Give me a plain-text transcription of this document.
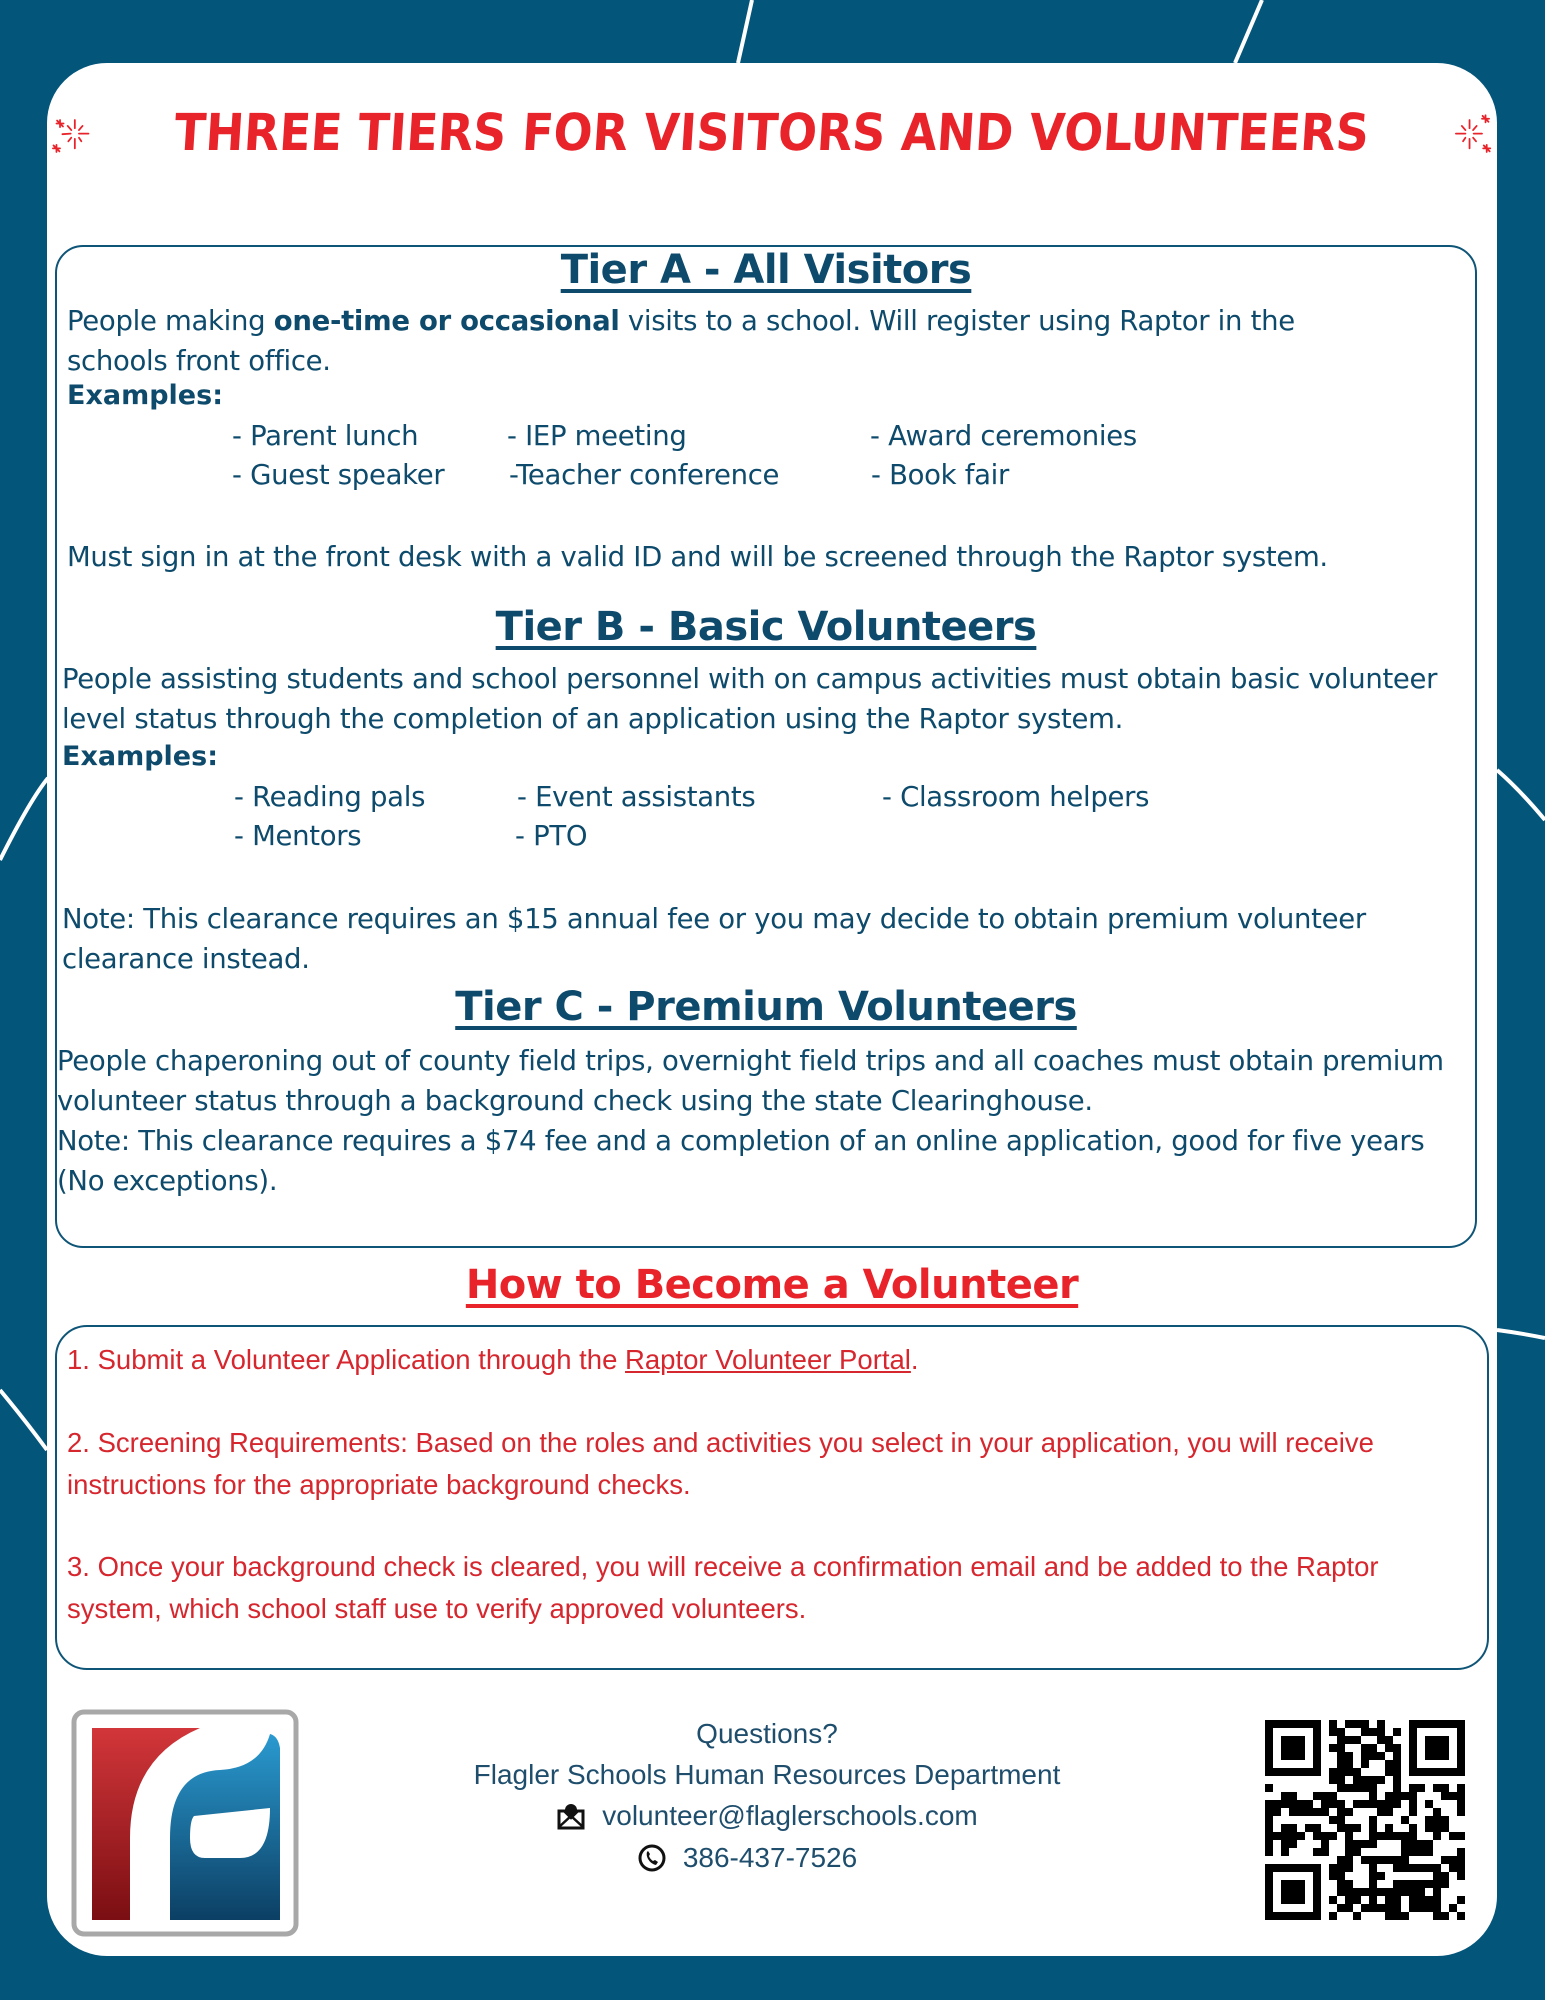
THREE TIERS FOR VISITORS AND VOLUNTEERS
Tier A - All Visitors
People making one-time or occasional visits to a school. Will register using Raptor in the schools front office.
Examples:
- Parent lunch	- IEP meeting	- Award ceremonies
- Guest speaker -Teacher conference	- Book fair
Must sign in at the front desk with a valid ID and will be screened through the Raptor system.
Tier B - Basic Volunteers
People assisting students and school personnel with on campus activities must obtain basic volunteer level status through the completion of an application using the Raptor system.
Examples:
- Reading pals	- Event assistants	- Classroom helpers
- Mentors	- PTO
Note: This clearance requires an $15 annual fee or you may decide to obtain premium volunteer clearance instead.
Tier C - Premium Volunteers
People chaperoning out of county field trips, overnight field trips and all coaches must obtain premium volunteer status through a background check using the state Clearinghouse.
Note: This clearance requires a $74 fee and a completion of an online application, good for five years (No exceptions).
How to Become a Volunteer
1. Submit a Volunteer Application through the Raptor Volunteer Portal.
2. Screening Requirements: Based on the roles and activities you select in your application, you will receive instructions for the appropriate background checks.
3. Once your background check is cleared, you will receive a confirmation email and be added to the Raptor system, which school staff use to verify approved volunteers.
Questions?
Flagler Schools Human Resources Department
volunteer@flaglerschools.com
386-437-7526
